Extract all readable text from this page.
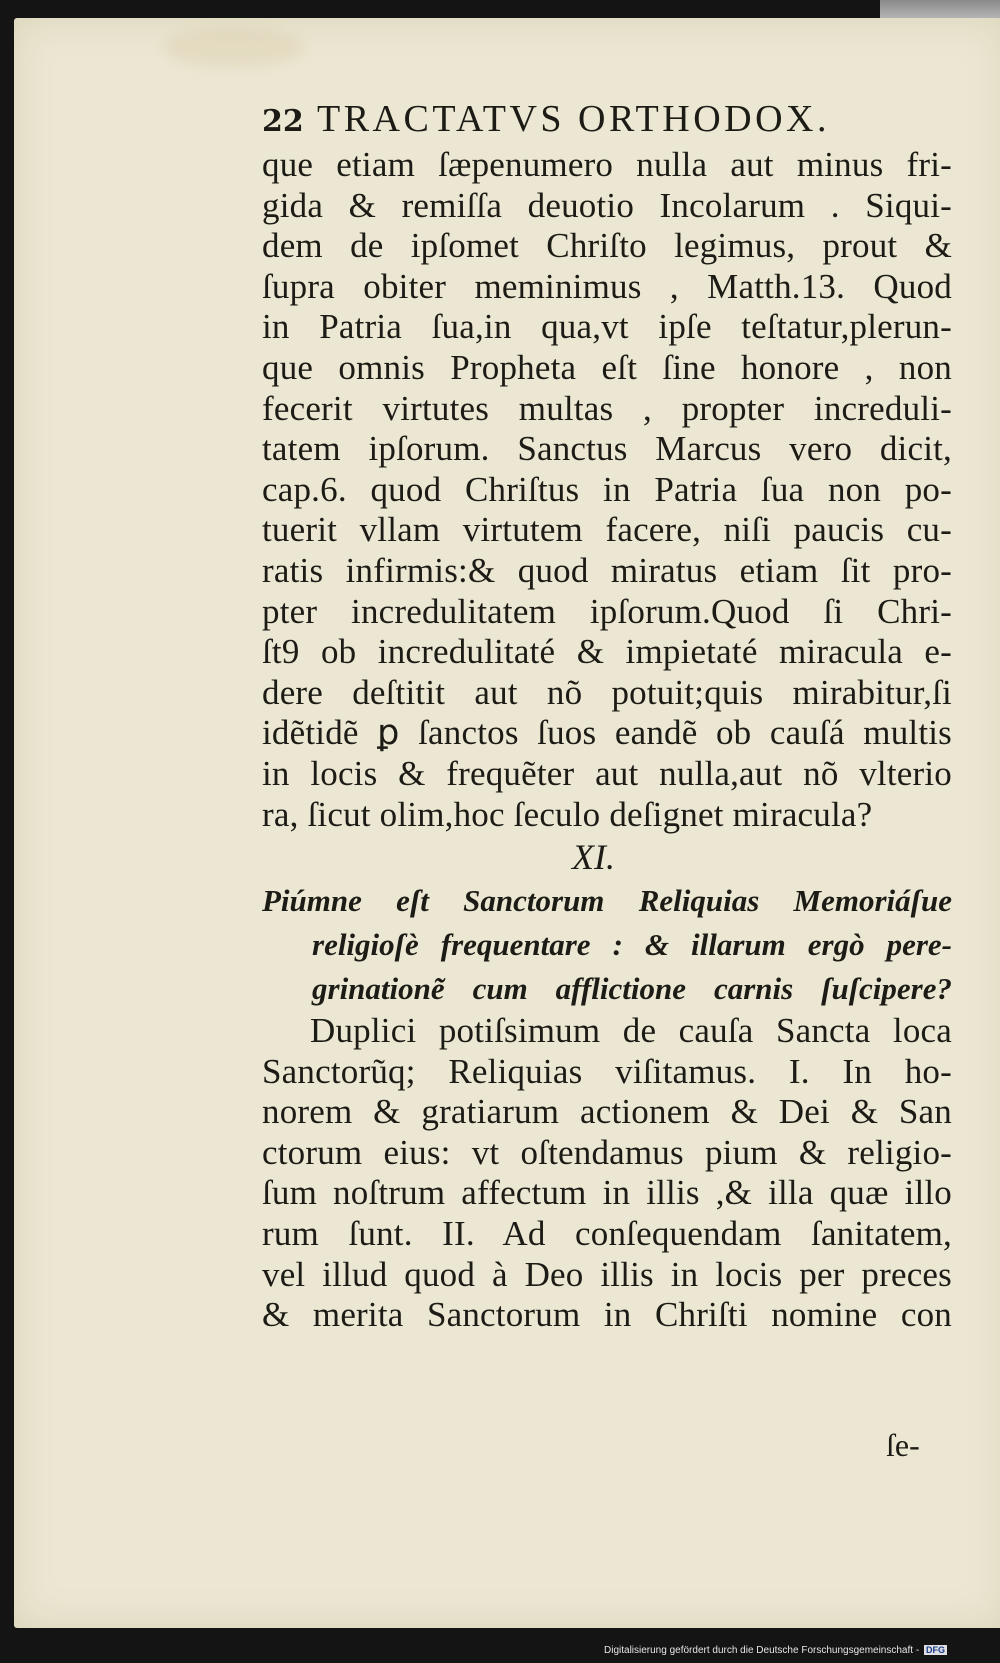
22 TRACTATVS ORTHODOX.
que etiam ſæpenumero nulla aut minus fri-
gida & remiſſa deuotio Incolarum . Siqui-
dem de ipſomet Chriſto legimus, prout &
ſupra obiter meminimus , Matth.13. Quod
in Patria ſua,in qua,vt ipſe teſtatur,plerun-
que omnis Propheta eſt ſine honore , non
fecerit virtutes multas , propter increduli-
tatem ipſorum. Sanctus Marcus vero dicit,
cap.6. quod Chriſtus in Patria ſua non po-
tuerit vllam virtutem facere, niſi paucis cu-
ratis infirmis:& quod miratus etiam ſit pro-
pter incredulitatem ipſorum.Quod ſi Chri-
ſt9 ob incredulitaté & impietaté miracula e-
dere deſtitit aut nõ potuit;quis mirabitur,ſi
idẽtidẽ ꝑ ſanctos ſuos eandẽ ob cauſá multis
in locis & frequẽter aut nulla,aut nõ vlterio
ra, ſicut olim,hoc ſeculo deſignet miracula?
XI.
Piúmne eſt Sanctorum Reliquias Memoriáſue
religioſè frequentare : & illarum ergò pere-
grinationẽ cum afflictione carnis ſuſcipere?
Duplici potiſsimum de cauſa Sancta loca
Sanctorũq; Reliquias viſitamus. I. In ho-
norem & gratiarum actionem & Dei & San
ctorum eius: vt oſtendamus pium & religio-
ſum noſtrum affectum in illis ,& illa quæ illo
rum ſunt. II. Ad conſequendam ſanitatem,
vel illud quod à Deo illis in locis per preces
& merita Sanctorum in Chriſti nomine con
ſe-
Digitalisierung gefördert durch die Deutsche Forschungsgemeinschaft - DFG
